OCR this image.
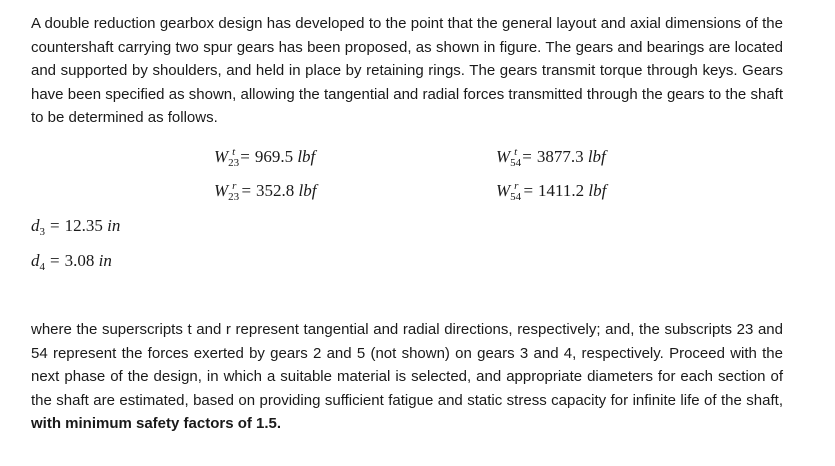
A double reduction gearbox design has developed to the point that the general layout and axial dimensions of the countershaft carrying two spur gears has been proposed, as shown in figure. The gears and bearings are located and supported by shoulders, and held in place by retaining rings. The gears transmit torque through keys. Gears have been specified as shown, allowing the tangential and radial forces transmitted through the gears to the shaft to be determined as follows.

$W_{23}^t = 969.5$ lbf	$W_{54}^t = 3877.3$ lbf
$W_{23}^r = 352.8$ lbf	$W_{54}^r = 1411.2$ lbf
$d_3 = 12.35$ in
$d_4 = 3.08$ in

where the superscripts t and r represent tangential and radial directions, respectively; and, the subscripts 23 and 54 represent the forces exerted by gears 2 and 5 (not shown) on gears 3 and 4, respectively. Proceed with the next phase of the design, in which a suitable material is selected, and appropriate diameters for each section of the shaft are estimated, based on providing sufficient fatigue and static stress capacity for infinite life of the shaft, with minimum safety factors of 1.5.
